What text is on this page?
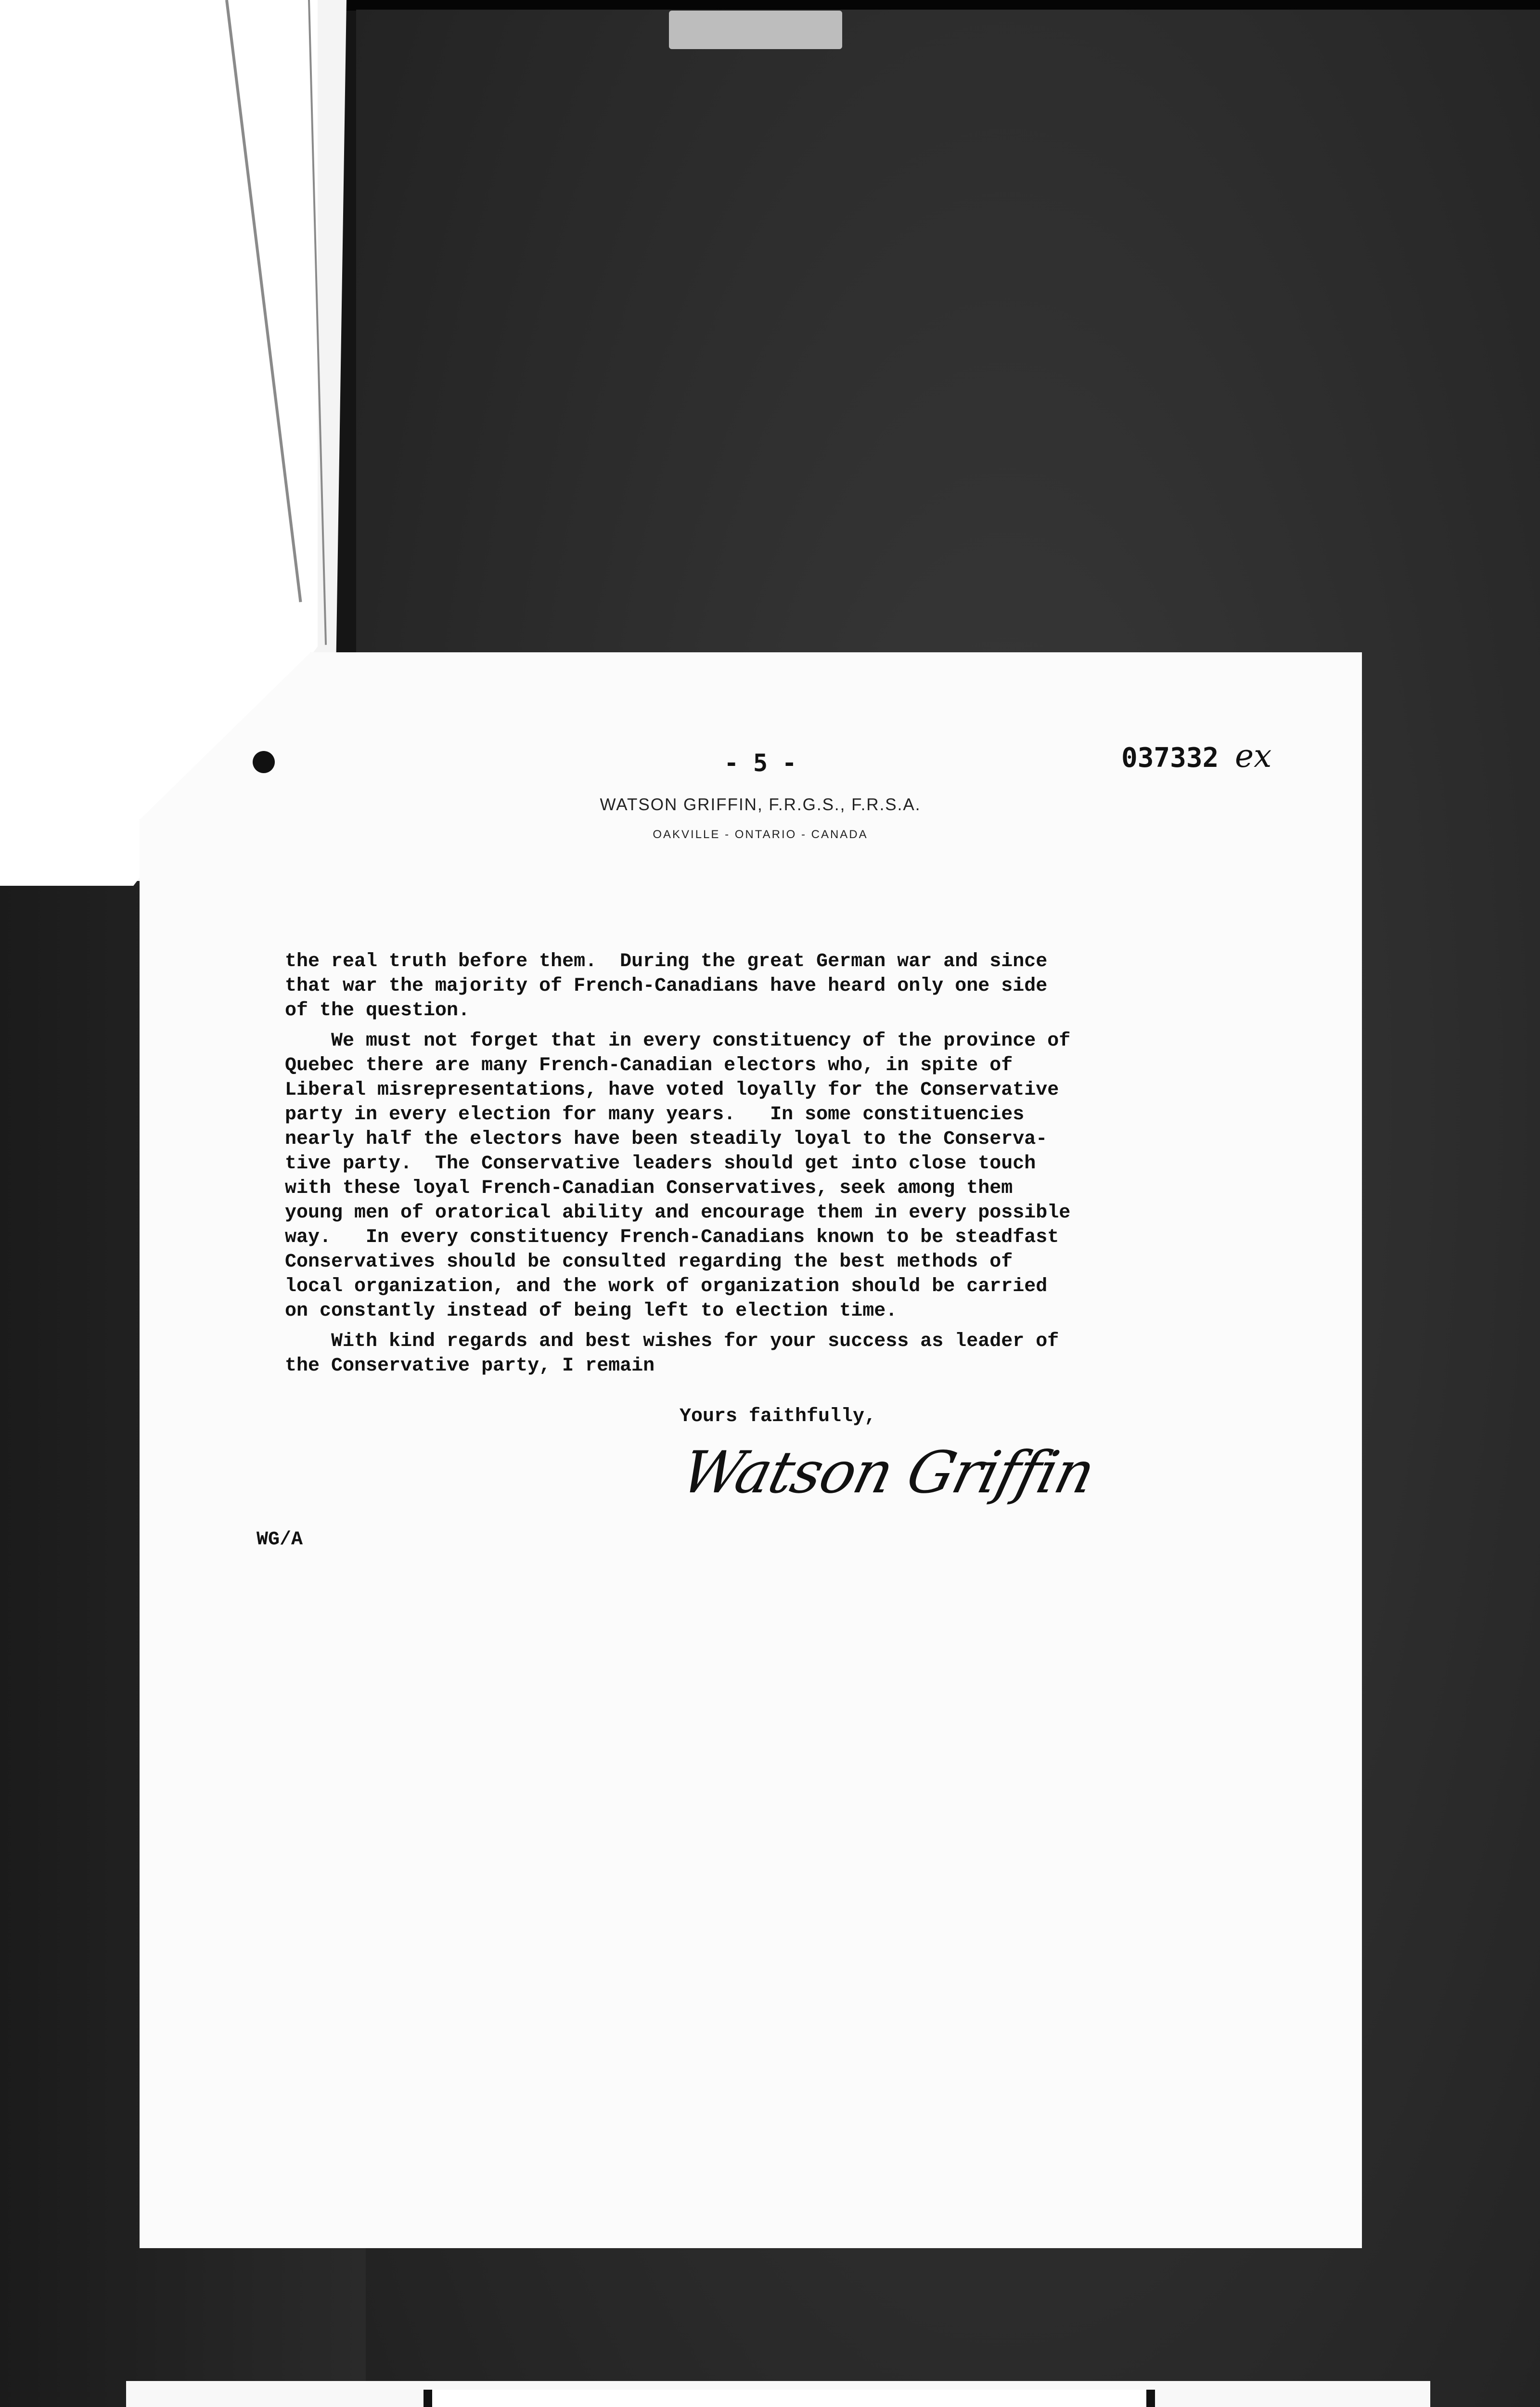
- 5 -	037332 ex
WATSON GRIFFIN, F.R.G.S., F.R.S.A.
OAKVILLE - ONTARIO - CANADA

the real truth before them.  During the great German war and since
that war the majority of French-Canadians have heard only one side
of the question.

We must not forget that in every constituency of the province of
Quebec there are many French-Canadian electors who, in spite of
Liberal misrepresentations, have voted loyally for the Conservative
party in every election for many years.   In some constituencies
nearly half the electors have been steadily loyal to the Conserva-
tive party.  The Conservative leaders should get into close touch
with these loyal French-Canadian Conservatives, seek among them
young men of oratorical ability and encourage them in every possible
way.   In every constituency French-Canadians known to be steadfast
Conservatives should be consulted regarding the best methods of
local organization, and the work of organization should be carried
on constantly instead of being left to election time.

With kind regards and best wishes for your success as leader of
the Conservative party, I remain

Yours faithfully,
Watson Griffin
WG/A
